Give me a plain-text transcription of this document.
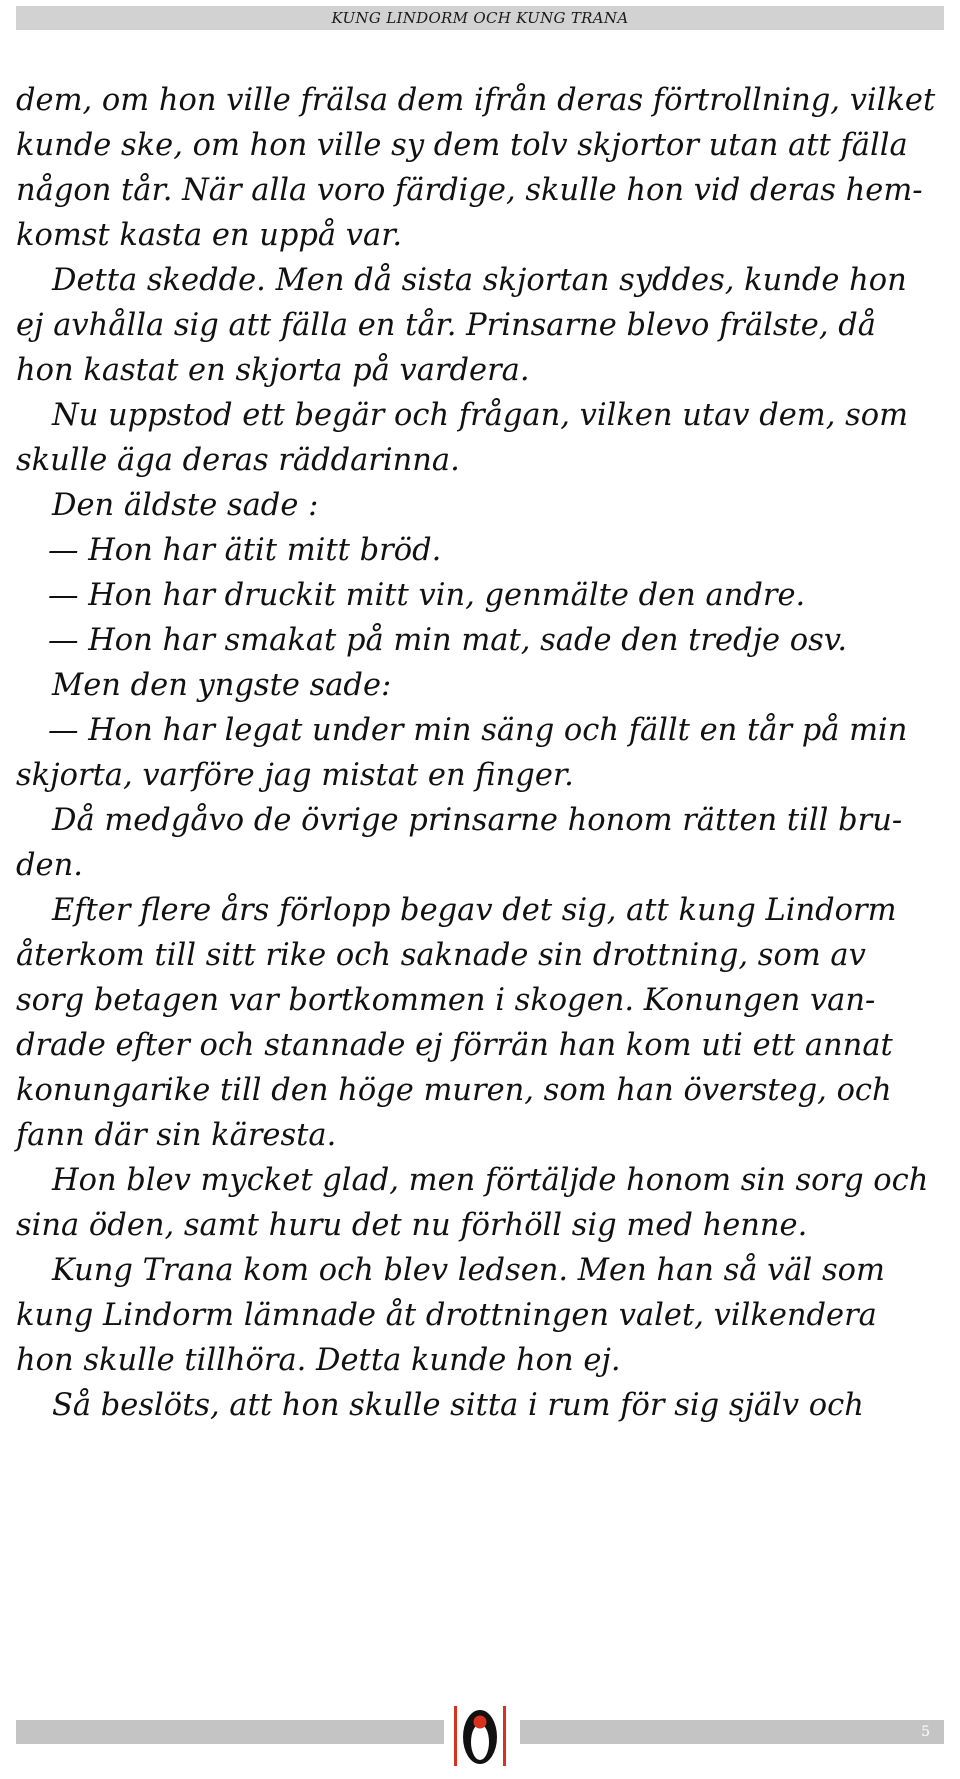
KUNG LINDORM OCH KUNG TRANA
dem, om hon ville frälsa dem ifrån deras förtrollning, vilket
kunde ske, om hon ville sy dem tolv skjortor utan att fälla
någon tår. När alla voro färdige, skulle hon vid deras hem-
komst kasta en uppå var.
Detta skedde. Men då sista skjortan syddes, kunde hon
ej avhålla sig att fälla en tår. Prinsarne blevo frälste, då
hon kastat en skjorta på vardera.
Nu uppstod ett begär och frågan, vilken utav dem, som
skulle äga deras räddarinna.
Den äldste sade :
— Hon har ätit mitt bröd.
— Hon har druckit mitt vin, genmälte den andre.
— Hon har smakat på min mat, sade den tredje osv.
Men den yngste sade:
— Hon har legat under min säng och fällt en tår på min
skjorta, varföre jag mistat en finger.
Då medgåvo de övrige prinsarne honom rätten till bru-
den.
Efter flere års förlopp begav det sig, att kung Lindorm
återkom till sitt rike och saknade sin drottning, som av
sorg betagen var bortkommen i skogen. Konungen van-
drade efter och stannade ej förrän han kom uti ett annat
konungarike till den höge muren, som han översteg, och
fann där sin käresta.
Hon blev mycket glad, men förtäljde honom sin sorg och
sina öden, samt huru det nu förhöll sig med henne.
Kung Trana kom och blev ledsen. Men han så väl som
kung Lindorm lämnade åt drottningen valet, vilkendera
hon skulle tillhöra. Detta kunde hon ej.
Så beslöts, att hon skulle sitta i rum för sig själv och
5
